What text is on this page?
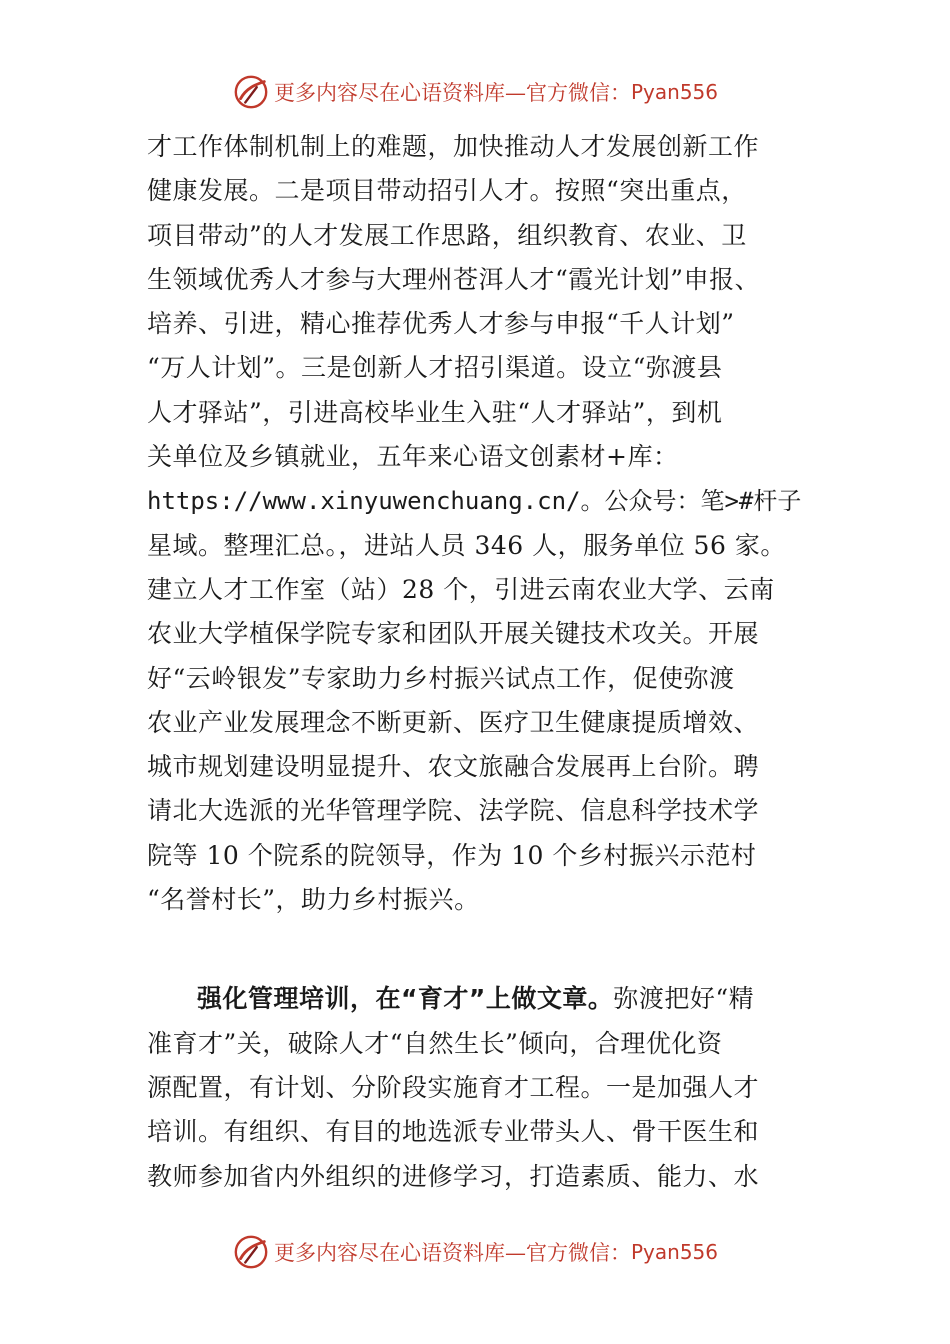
更多内容尽在心语资料库—官方微信： Pyan556
才工作体制机制上的难题，加快推动人才发展创新工作
健康发展。二是项目带动招引人才。按照“突出重点，
项目带动”的人才发展工作思路，组织教育、农业、卫
生领域优秀人才参与大理州苍洱人才“霞光计划”申报、
培养、引进，精心推荐优秀人才参与申报“千人计划”
“万人计划”。三是创新人才招引渠道。设立“弥渡县
人才驿站”，引进高校毕业生入驻“人才驿站”，到机
关单位及乡镇就业，五年来心语文创素材+库：
https://www.xinyuwenchuang.cn/。公众号：笔>#杆子
星域。整理汇总。，进站人员 346 人，服务单位 56 家。
建立人才工作室（站）28 个，引进云南农业大学、云南
农业大学植保学院专家和团队开展关键技术攻关。开展
好“云岭银发”专家助力乡村振兴试点工作，促使弥渡
农业产业发展理念不断更新、医疗卫生健康提质增效、
城市规划建设明显提升、农文旅融合发展再上台阶。聘
请北大选派的光华管理学院、法学院、信息科学技术学
院等 10 个院系的院领导，作为 10 个乡村振兴示范村
“名誉村长”，助力乡村振兴。
强化管理培训，在“育才”上做文章。弥渡把好“精
准育才”关，破除人才“自然生长”倾向，合理优化资
源配置，有计划、分阶段实施育才工程。一是加强人才
培训。有组织、有目的地选派专业带头人、骨干医生和
教师参加省内外组织的进修学习，打造素质、能力、水
更多内容尽在心语资料库—官方微信： Pyan556
